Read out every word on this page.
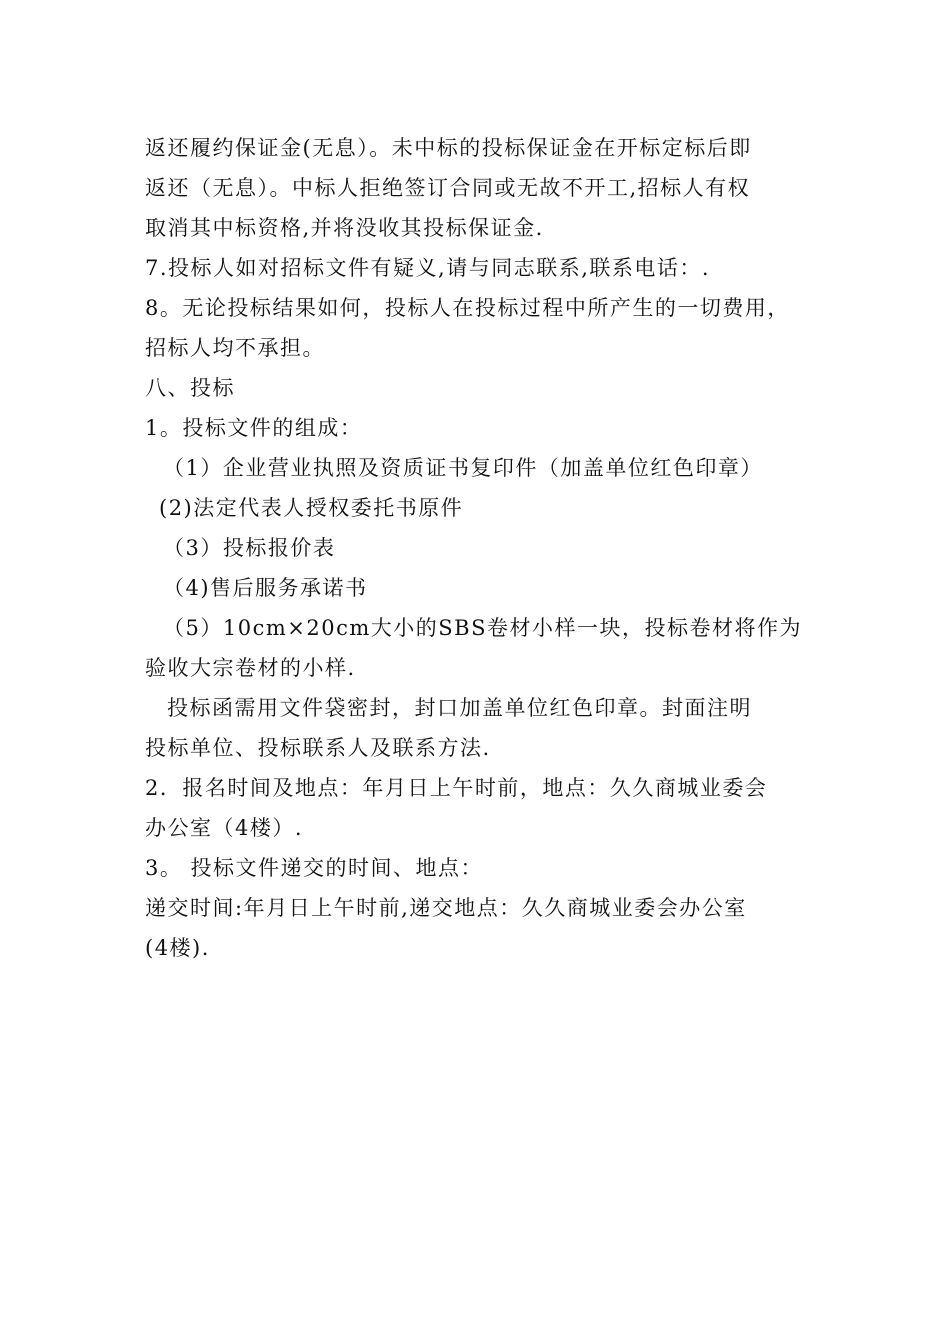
返还履约保证金(无息）。未中标的投标保证金在开标定标后即
返还（无息）。中标人拒绝签订合同或无故不开工,招标人有权
取消其中标资格,并将没收其投标保证金.
7.投标人如对招标文件有疑义,请与同志联系,联系电话：.
8。无论投标结果如何，投标人在投标过程中所产生的一切费用，
招标人均不承担。
八、投标
1。投标文件的组成：
（1）企业营业执照及资质证书复印件（加盖单位红色印章）
(2)法定代表人授权委托书原件
（3）投标报价表
（4)售后服务承诺书
（5）10cm×20cm大小的SBS卷材小样一块，投标卷材将作为
验收大宗卷材的小样.
投标函需用文件袋密封，封口加盖单位红色印章。封面注明
投标单位、投标联系人及联系方法.
2．报名时间及地点：年月日上午时前，地点：久久商城业委会
办公室（4楼）.
3。 投标文件递交的时间、地点：
递交时间:年月日上午时前,递交地点：久久商城业委会办公室
(4楼).
